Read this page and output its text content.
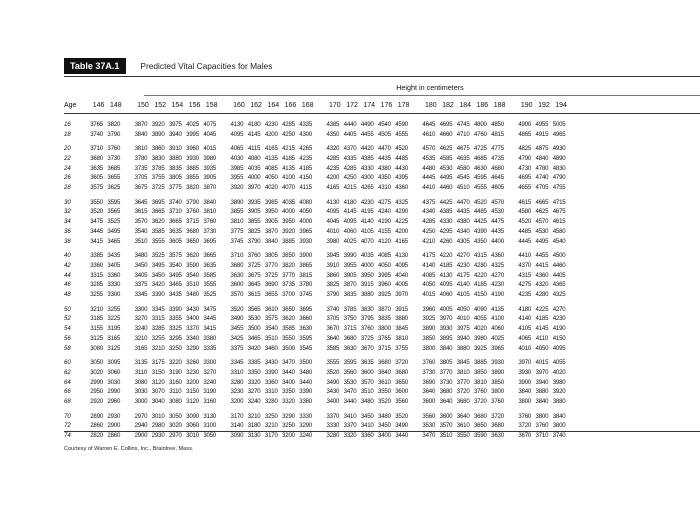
Table 37A.1	Predicted Vital Capacities for Males
Height in centimeters
Age	146 148	150 152 154 156 158	160 162 164 166 168	170 172 174 176 178	180 182 184 186 188	190 192 194
16	3765 3820	3870 3920 3975 4025 4075	4130 4180 4230 4285 4335	4385 4440 4490 4540 4590	4645 4695 4745 4800 4850	4900 4955 5005
18	3740 3790	3840 3890 3940 3995 4045	4095 4145 4200 4250 4300	4350 4405 4455 4505 4555	4610 4660 4710 4760 4815	4865 4915 4965
20	3710 3760	3810 3860 3910 3960 4015	4065 4115 4165 4215 4265	4320 4370 4420 4470 4520	4570 4625 4675 4725 4775	4825 4875 4930
22	3680 3730	3780 3830 3880 3930 3980	4030 4080 4135 4185 4235	4285 4335 4385 4435 4485	4535 4585 4635 4685 4735	4790 4840 4890
24	3635 3685	3735 3785 3835 3885 3935	3985 4035 4085 4135 4185	4235 4285 4330 4380 4430	4480 4530 4580 4630 4680	4730 4780 4830
26	3605 3655	3705 3755 3805 3855 3905	3955 4000 4050 4100 4150	4200 4250 4300 4350 4395	4445 4495 4545 4595 4645	4695 4740 4790
28	3575 3625	3675 3725 3775 3820 3870	3920 3970 4020 4070 4115	4165 4215 4265 4310 4360	4410 4460 4510 4555 4605	4655 4705 4755
30	3550 3595	3645 3695 3740 3790 3840	3890 3935 3985 4035 4080	4130 4180 4230 4275 4325	4375 4425 4470 4520 4570	4615 4665 4715
32	3520 3565	3615 3665 3710 3760 3810	3855 3905 3950 4000 4050	4095 4145 4195 4240 4290	4340 4385 4435 4485 4530	4580 4625 4675
34	3475 3525	3570 3620 3665 3715 3760	3810 3855 3905 3950 4000	4045 4095 4140 4190 4225	4285 4330 4380 4425 4475	4520 4570 4615
36	3445 3495	3540 3585 3635 3680 3730	3775 3825 3870 3920 3965	4010 4060 4105 4155 4200	4250 4295 4340 4390 4435	4485 4530 4580
38	3415 3465	3510 3555 3605 3650 3695	3745 3790 3840 3885 3930	3980 4025 4070 4120 4165	4210 4260 4305 4350 4400	4445 4495 4540
40	3385 3435	3480 3525 3575 3620 3665	3710 3760 3805 3850 3900	3945 3990 4035 4085 4130	4175 4220 4270 4315 4360	4410 4455 4500
42	3360 3405	3450 3495 3540 3590 3635	3680 3725 3770 3820 3865	3910 3955 4000 4050 4095	4140 4185 4230 4280 4325	4370 4415 4460
44	3315 3360	3405 3450 3495 3540 3585	3630 3675 3725 3770 3815	3860 3905 3950 3995 4040	4085 4130 4175 4220 4270	4315 4360 4405
46	3285 3330	3375 3420 3465 3510 3555	3600 3645 3690 3735 3780	3825 3870 3915 3960 4005	4050 4095 4140 4185 4230	4275 4320 4365
48	3255 3300	3345 3390 3435 3480 3525	3570 3615 3655 3700 3745	3790 3835 3880 3925 3970	4015 4060 4105 4150 4190	4235 4280 4325
50	3210 3255	3300 3345 3390 3430 3475	3520 3565 3610 3650 3695	3740 3785 3830 3870 3915	3960 4005 4050 4090 4135	4180 4225 4270
52	3185 3225	3270 3315 3355 3400 3445	3490 3530 3575 3620 3660	3705 3750 3795 3835 3880	3925 3970 4010 4055 4100	4140 4185 4230
54	3155 3195	3240 3285 3325 3370 3415	3455 3500 3540 3585 3630	3670 3715 3760 3800 3845	3890 3930 3975 4020 4060	4105 4145 4190
56	3125 3165	3210 3255 3295 3340 3380	3425 3465 3510 3550 3595	3640 3680 3725 3765 3810	3850 3895 3940 3980 4025	4065 4110 4150
58	3080 3125	3165 3210 3250 3290 3335	3375 3420 3460 3500 3545	3585 3630 3670 3715 3755	3800 3840 3880 3925 3965	4010 4050 4095
60	3050 3095	3135 3175 3220 3260 3300	3345 3385 3430 3470 3500	3555 3595 3635 3680 3720	3760 3805 3845 3885 3930	3970 4015 4055
62	3020 3060	3110 3150 3190 3230 3270	3310 3350 3390 3440 3480	3520 3560 3600 3640 3680	3730 3770 3810 3850 3890	3930 3970 4020
64	2990 3030	3080 3120 3160 3200 3240	3280 3320 3360 3400 3440	3490 3530 3570 3610 3650	3690 3730 3770 3810 3850	3900 3940 3980
66	2950 2990	3030 3070 3110 3150 3190	3230 3270 3310 3350 3390	3430 3470 3510 3550 3600	3640 3680 3720 3760 3800	3840 3880 3920
68	2920 2960	3000 3040 3080 3120 3160	3200 3240 3280 3320 3360	3400 3440 3480 3520 3560	3600 3640 3680 3720 3760	3800 3840 3880
70	2890 2930	2970 3010 3050 3090 3130	3170 3210 3250 3290 3330	3370 3410 3450 3480 3520	3560 3600 3640 3680 3720	3760 3800 3840
72	2860 2900	2940 2980 3020 3060 3100	3140 3180 3210 3250 3290	3330 3370 3410 3450 3490	3530 3570 3610 3650 3680	3720 3760 3800
74	2820 2860	2900 2930 2970 3010 3050	3090 3130 3170 3200 3240	3280 3320 3360 3400 3440	3470 3510 3550 3590 3630	3670 3710 3740
Courtesy of Warren E. Collins, Inc., Braintree, Mass.
